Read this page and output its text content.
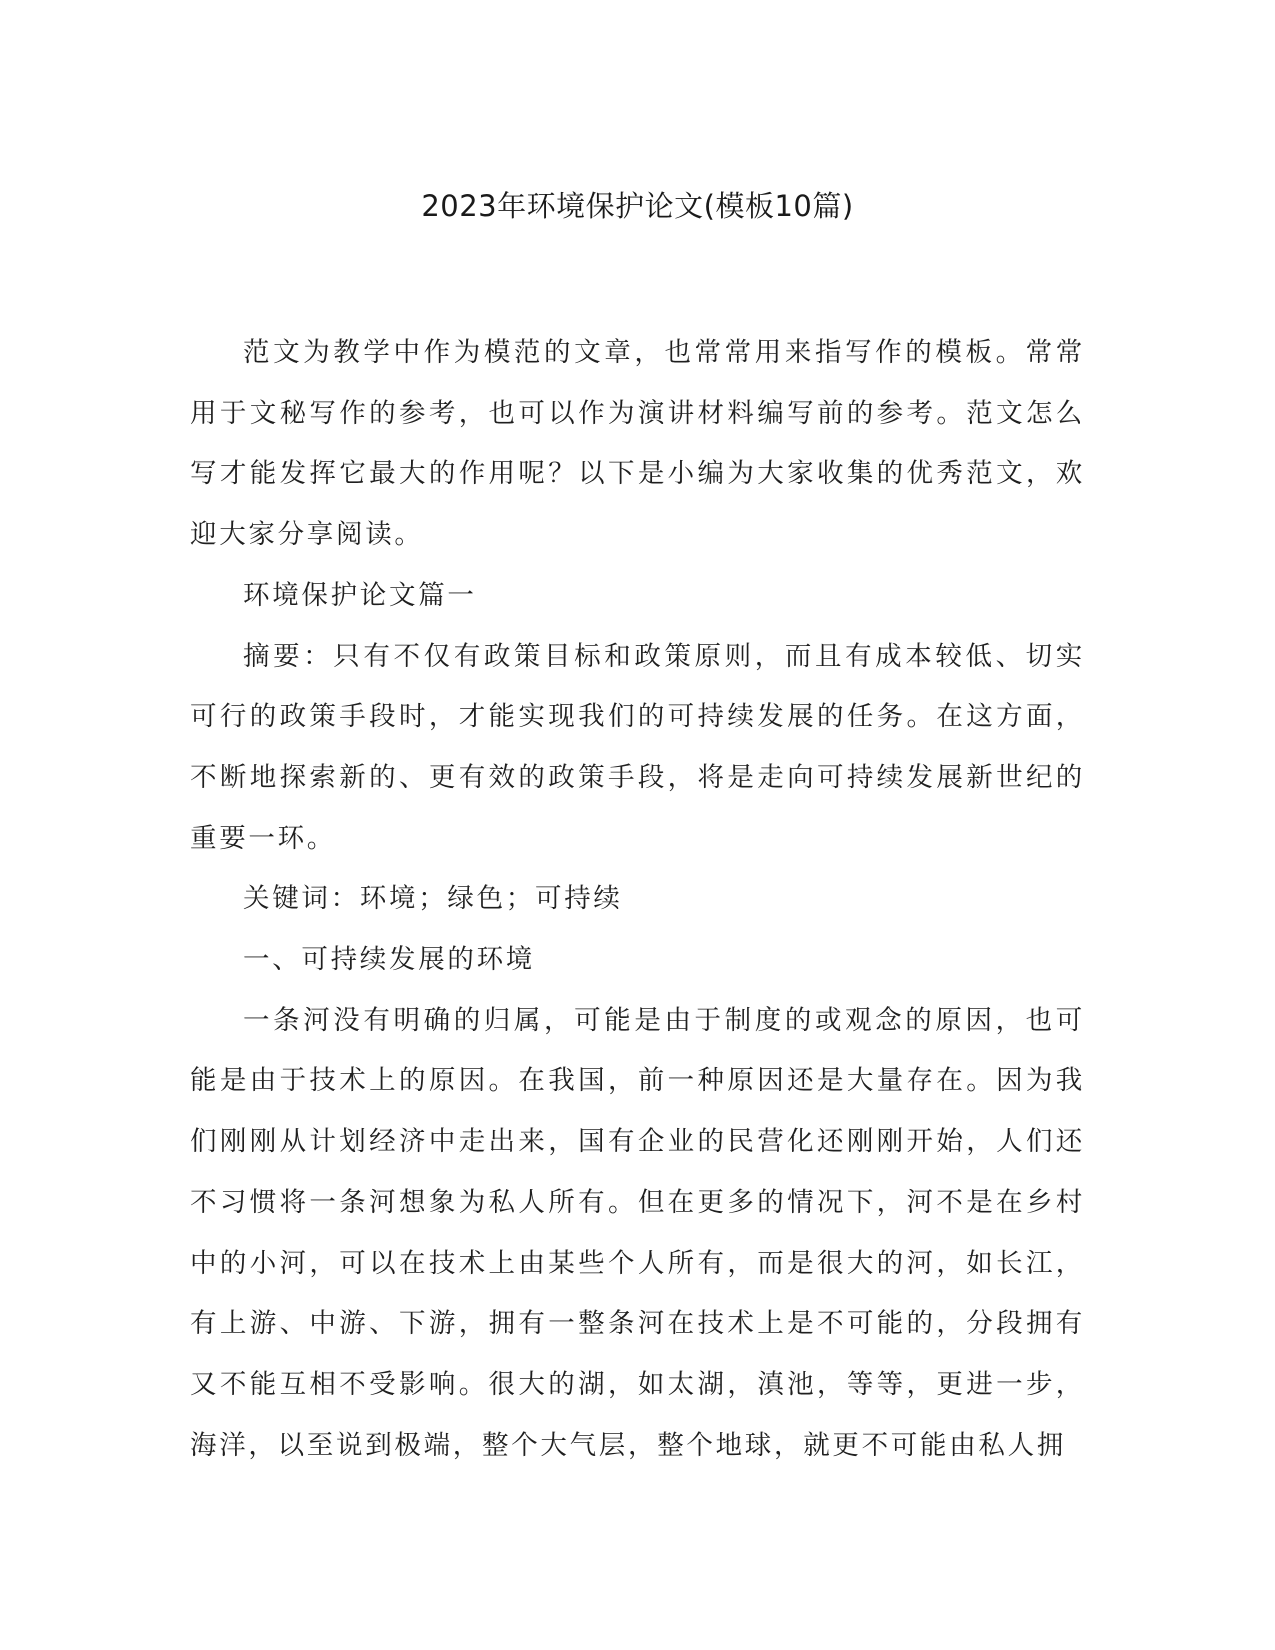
2023年环境保护论文(模板10篇)

范文为教学中作为模范的文章，也常常用来指写作的模板。常常用于文秘写作的参考，也可以作为演讲材料编写前的参考。范文怎么写才能发挥它最大的作用呢？以下是小编为大家收集的优秀范文，欢迎大家分享阅读。

环境保护论文篇一

摘要：只有不仅有政策目标和政策原则，而且有成本较低、切实可行的政策手段时，才能实现我们的可持续发展的任务。在这方面，不断地探索新的、更有效的政策手段，将是走向可持续发展新世纪的重要一环。

关键词：环境；绿色；可持续

一、可持续发展的环境

一条河没有明确的归属，可能是由于制度的或观念的原因，也可能是由于技术上的原因。在我国，前一种原因还是大量存在。因为我们刚刚从计划经济中走出来，国有企业的民营化还刚刚开始，人们还不习惯将一条河想象为私人所有。但在更多的情况下，河不是在乡村中的小河，可以在技术上由某些个人所有，而是很大的河，如长江，有上游、中游、下游，拥有一整条河在技术上是不可能的，分段拥有又不能互相不受影响。很大的湖，如太湖，滇池，等等，更进一步，海洋，以至说到极端，整个大气层，整个地球，就更不可能由私人拥
